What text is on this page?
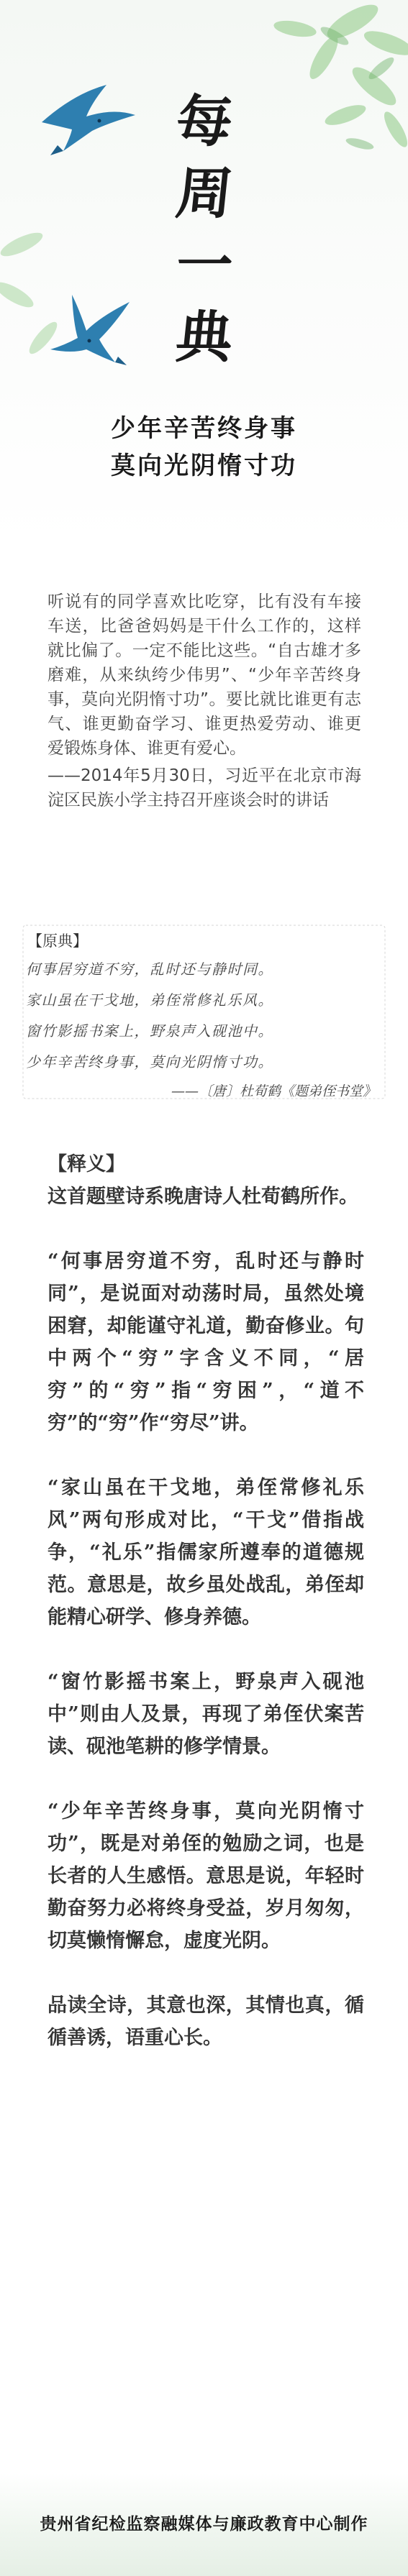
每
周
一
典
少年辛苦终身事
莫向光阴惰寸功

听说有的同学喜欢比吃穿，比有没有车接车送，比爸爸妈妈是干什么工作的，这样就比偏了。一定不能比这些。“自古雄才多磨难，从来纨绔少伟男”、“少年辛苦终身事，莫向光阴惰寸功”。要比就比谁更有志气、谁更勤奋学习、谁更热爱劳动、谁更爱锻炼身体、谁更有爱心。

——2014年5月30日，习近平在北京市海淀区民族小学主持召开座谈会时的讲话

【原典】
何事居穷道不穷，乱时还与静时同。
家山虽在干戈地，弟侄常修礼乐风。
窗竹影摇书案上，野泉声入砚池中。
少年辛苦终身事，莫向光阴惰寸功。
——〔唐〕杜荀鹤《题弟侄书堂》

【释义】

这首题壁诗系晚唐诗人杜荀鹤所作。

“何事居穷道不穷，乱时还与静时同”，是说面对动荡时局，虽然处境困窘，却能谨守礼道，勤奋修业。句中两个“穷”字含义不同，“居穷”的“穷”指“穷困”，“道不穷”的“穷”作“穷尽”讲。

“家山虽在干戈地，弟侄常修礼乐风”两句形成对比，“干戈”借指战争，“礼乐”指儒家所遵奉的道德规范。意思是，故乡虽处战乱，弟侄却能精心研学、修身养德。

“窗竹影摇书案上，野泉声入砚池中”则由人及景，再现了弟侄伏案苦读、砚池笔耕的修学情景。

“少年辛苦终身事，莫向光阴惰寸功”，既是对弟侄的勉励之词，也是长者的人生感悟。意思是说，年轻时勤奋努力必将终身受益，岁月匆匆，切莫懒惰懈怠，虚度光阴。

品读全诗，其意也深，其情也真，循循善诱，语重心长。

贵州省纪检监察融媒体与廉政教育中心制作
